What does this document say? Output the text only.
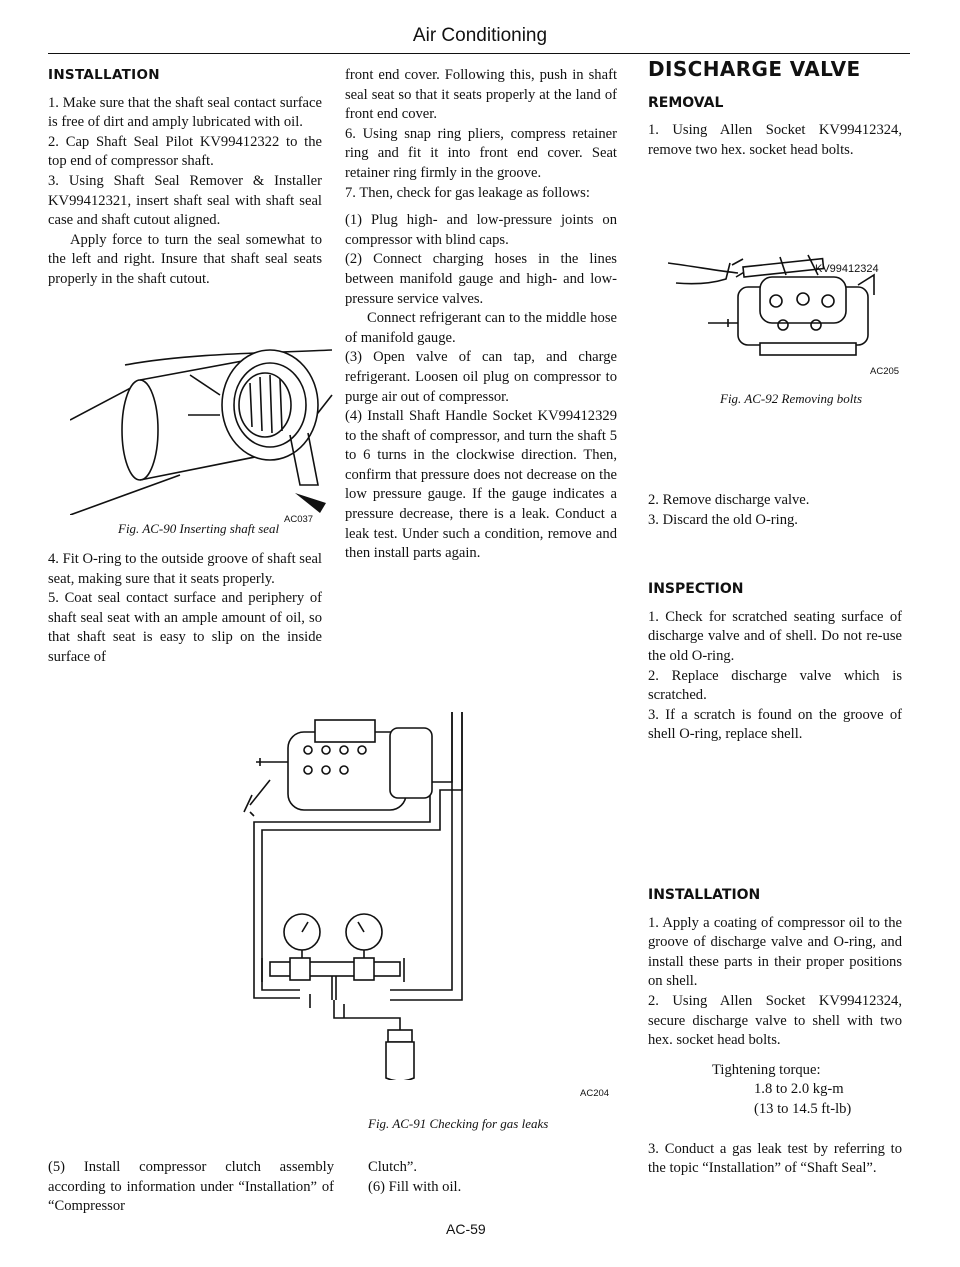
Air Conditioning
INSTALLATION

1. Make sure that the shaft seal contact surface is free of dirt and amply lubricated with oil.

2. Cap Shaft Seal Pilot KV99412322 to the top end of compressor shaft.

3. Using Shaft Seal Remover & Installer KV99412321, insert shaft seal with shaft seal case and shaft cutout aligned.

Apply force to turn the seal somewhat to the left and right. Insure that shaft seal seats properly in the shaft cutout.

AC037
Fig. AC-90 Inserting shaft seal

4. Fit O-ring to the outside groove of shaft seal seat, making sure that it seats properly.

5. Coat seal contact surface and periphery of shaft seal seat with an ample amount of oil, so that shaft seat is easy to slip on the inside surface of

(5) Install compressor clutch assembly according to information under “Installation” of “Compressor

front end cover. Following this, push in shaft seal seat so that it seats properly at the land of front end cover.

6. Using snap ring pliers, compress retainer ring and fit it into front end cover. Seat retainer ring firmly in the groove.

7. Then, check for gas leakage as follows:

(1) Plug high- and low-pressure joints on compressor with blind caps.

(2) Connect charging hoses in the lines between manifold gauge and high- and low-pressure service valves.

Connect refrigerant can to the middle hose of manifold gauge.

(3) Open valve of can tap, and charge refrigerant. Loosen oil plug on compressor to purge air out of compressor.

(4) Install Shaft Handle Socket KV99412329 to the shaft of compressor, and turn the shaft 5 to 6 turns in the clockwise direction. Then, confirm that pressure does not decrease on the low pressure gauge. If the gauge indicates a pressure decrease, there is a leak. Conduct a leak test. Under such a condition, remove and then install parts again.

AC204
Fig. AC-91 Checking for gas leaks

Clutch”.

(6) Fill with oil.

DISCHARGE VALVE
REMOVAL

1. Using Allen Socket KV99412324, remove two hex. socket head bolts.

KV99412324
AC205
Fig. AC-92 Removing bolts

2. Remove discharge valve.

3. Discard the old O-ring.

INSPECTION

1. Check for scratched seating surface of discharge valve and of shell. Do not re-use the old O-ring.

2. Replace discharge valve which is scratched.

3. If a scratch is found on the groove of shell O-ring, replace shell.

INSTALLATION

1. Apply a coating of compressor oil to the groove of discharge valve and O-ring, and install these parts in their proper positions on shell.

2. Using Allen Socket KV99412324, secure discharge valve to shell with two hex. socket head bolts.

Tightening torque:
1.8 to 2.0 kg-m
(13 to 14.5 ft-lb)

3. Conduct a gas leak test by referring to the topic “Installation” of “Shaft Seal”.

AC-59
